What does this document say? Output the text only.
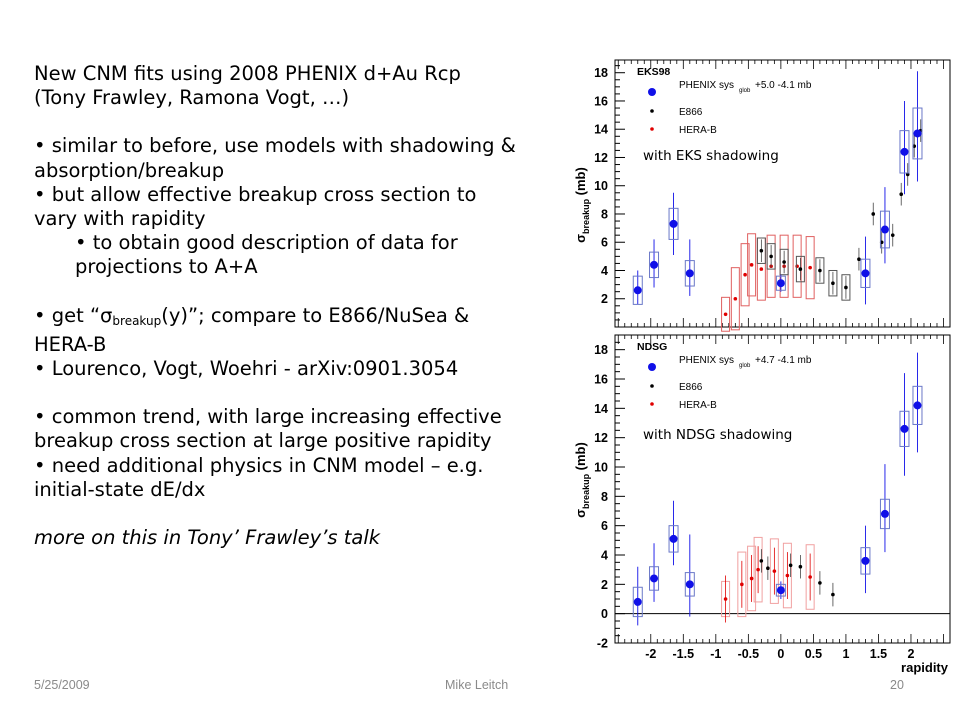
New CNM fits using 2008 PHENIX d+Au Rcp
(Tony Frawley, Ramona Vogt, …)
• similar to before, use models with shadowing &
absorption/breakup
• but allow effective breakup cross section to
vary with rapidity
• to obtain good description of data for
projections to A+A
• get “$\sigma_{breakup}(y)$”; compare to E866/NuSea &
HERA-B
• Lourenco, Vogt, Woehri - arXiv:0901.3054
• common trend, with large increasing effective
breakup cross section at large positive rapidity
• need additional physics in CNM model – e.g.
initial-state dE/dx
more on this in Tony’ Frawley’s talk
2
4
6
8
10
12
14
16
18	EKS98
PHENIX sys glob +5.0 -4.1 mb
E866
HERA-B
with EKS shadowing
-2
0
2
4
6
8
10
12
14
16
18	NDSG
PHENIX sys glob +4.7 -4.1 mb
E866
HERA-B
with NDSG shadowing
-2 -1.5 -1 -0.5 0 0.5 1 1.5 2
rapidity
$\sigma_{breakup}$ (mb)
$\sigma_{breakup}$ (mb)
5/25/2009	Mike Leitch	20
